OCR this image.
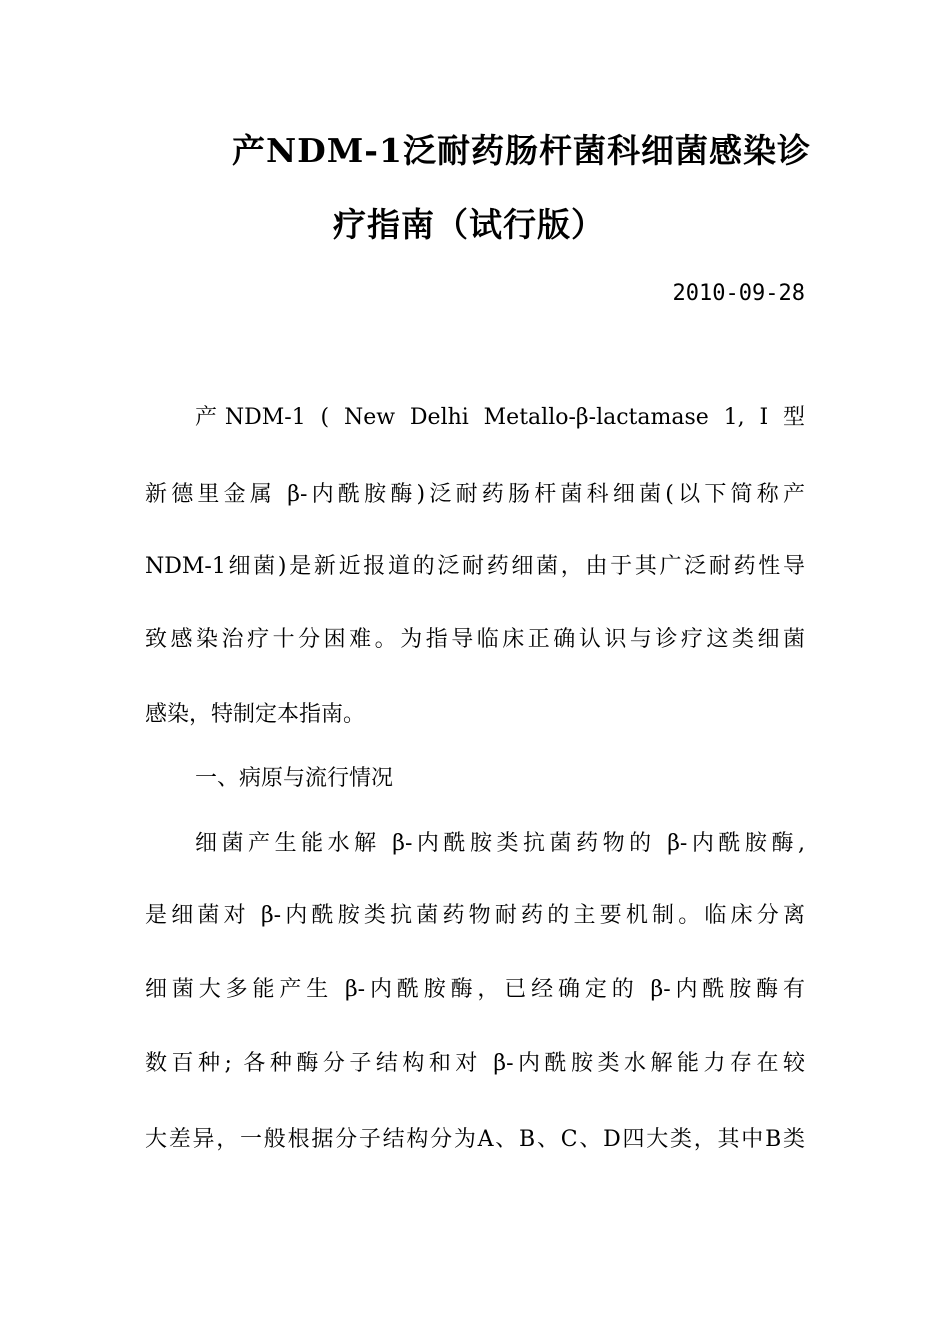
产NDM-1泛耐药肠杆菌科细菌感染诊
疗指南（试行版）
2010-09-28
产NDM-1 ( New Delhi Metallo-β-lactamase 1, I 型
新德里金属 β-内酰胺酶)泛耐药肠杆菌科细菌(以下简称产
NDM-1细菌)是新近报道的泛耐药细菌，由于其广泛耐药性导
致感染治疗十分困难。为指导临床正确认识与诊疗这类细菌
感染，特制定本指南。
一、病原与流行情况
细菌产生能水解 β-内酰胺类抗菌药物的 β-内酰胺酶,
是细菌对 β-内酰胺类抗菌药物耐药的主要机制。临床分离
细菌大多能产生 β-内酰胺酶，已经确定的 β-内酰胺酶有
数百种; 各种酶分子结构和对 β-内酰胺类水解能力存在较
大差异，一般根据分子结构分为A、B、C、D四大类，其中B类
